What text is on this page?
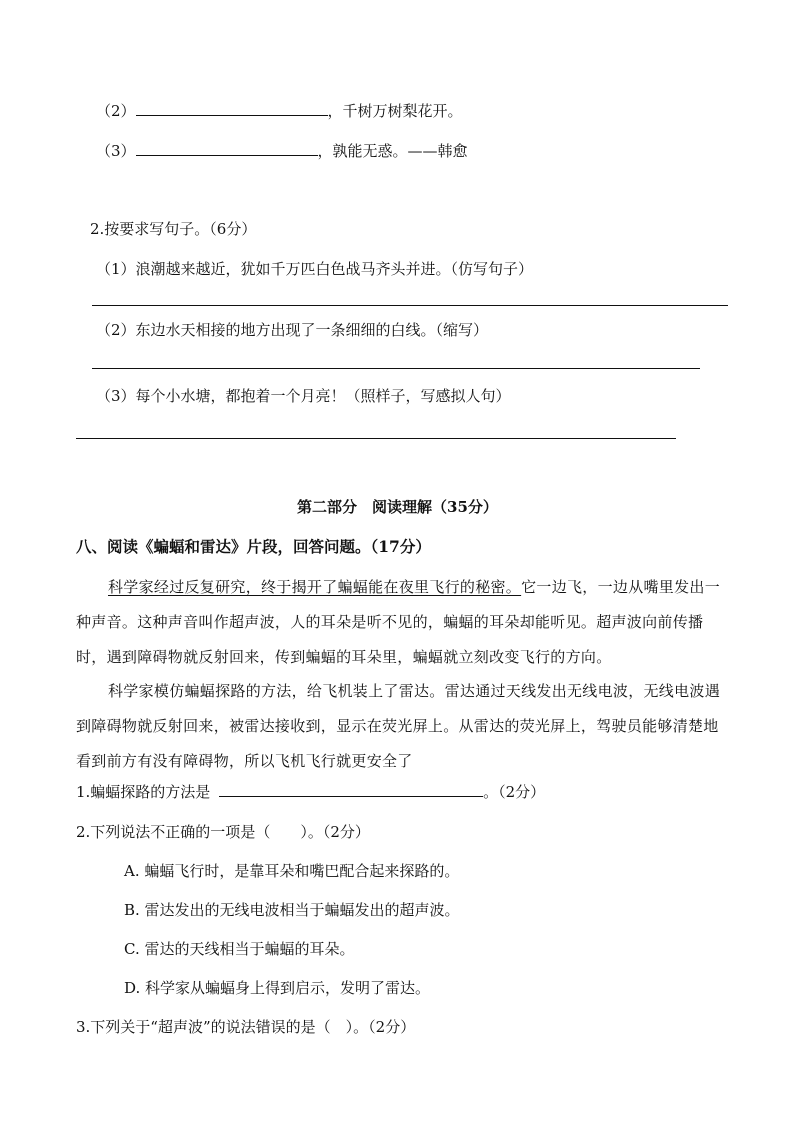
（2）	，千树万树梨花开。
（3）	，孰能无惑。——韩愈
2.按要求写句子。（6分）
（1）浪潮越来越近，犹如千万匹白色战马齐头并进。（仿写句子）
（2）东边水天相接的地方出现了一条细细的白线。（缩写）
（3）每个小水塘，都抱着一个月亮！（照样子，写感拟人句）
第二部分　阅读理解（35分）
八、阅读《蝙蝠和雷达》片段，回答问题。（17分）
科学家经过反复研究，终于揭开了蝙蝠能在夜里飞行的秘密。它一边飞，一边从嘴里发出一种声音。这种声音叫作超声波，人的耳朵是听不见的，蝙蝠的耳朵却能听见。超声波向前传播时，遇到障碍物就反射回来，传到蝙蝠的耳朵里，蝙蝠就立刻改变飞行的方向。
科学家模仿蝙蝠探路的方法，给飞机装上了雷达。雷达通过天线发出无线电波，无线电波遇到障碍物就反射回来，被雷达接收到，显示在荧光屏上。从雷达的荧光屏上，驾驶员能够清楚地看到前方有没有障碍物，所以飞机飞行就更安全了
1.蝙蝠探路的方法是	。（2分）
2.下列说法不正确的一项是（　　）。（2分）
A. 蝙蝠飞行时，是靠耳朵和嘴巴配合起来探路的。
B. 雷达发出的无线电波相当于蝙蝠发出的超声波。
C. 雷达的天线相当于蝙蝠的耳朵。
D. 科学家从蝙蝠身上得到启示，发明了雷达。
3.下列关于“超声波”的说法错误的是（　）。（2分）
